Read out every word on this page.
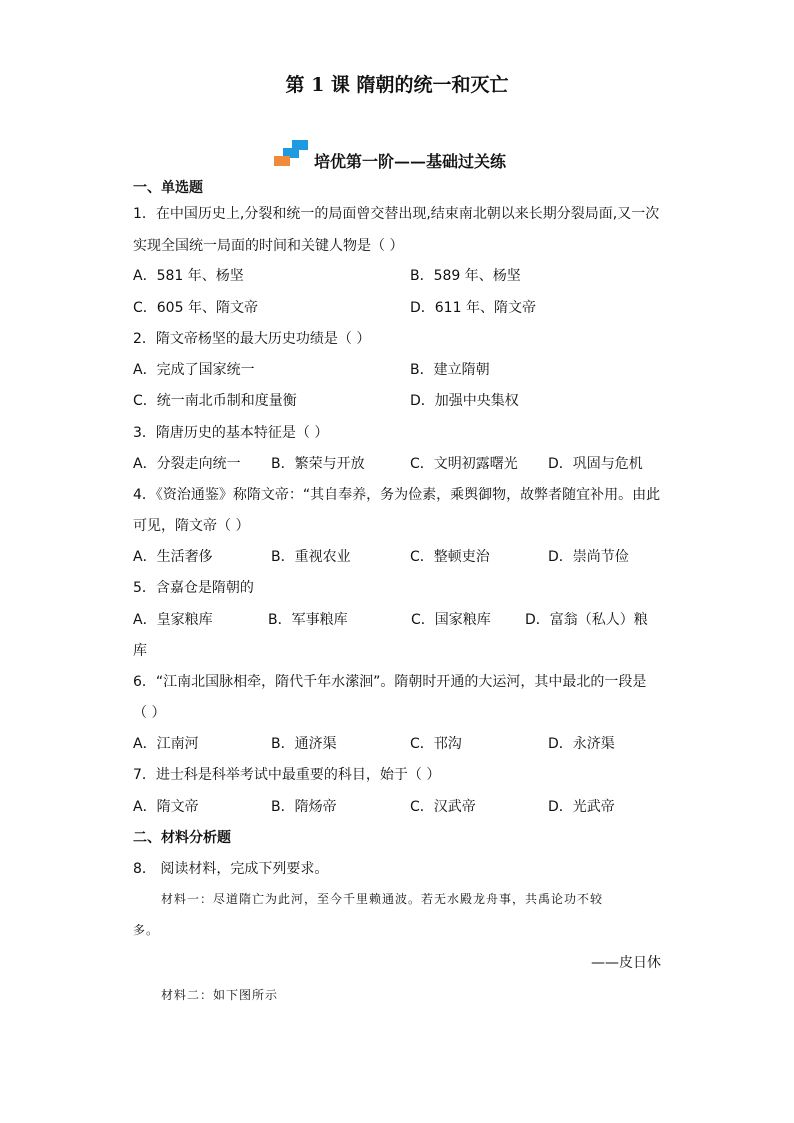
第 1 课 隋朝的统一和灭亡
培优第一阶——基础过关练
一、单选题
1．在中国历史上,分裂和统一的局面曾交替出现,结束南北朝以来长期分裂局面,又一次
实现全国统一局面的时间和关键人物是（ ）
A．581 年、杨坚	B．589 年、杨坚
C．605 年、隋文帝	D．611 年、隋文帝
2．隋文帝杨坚的最大历史功绩是（ ）
A．完成了国家统一	B．建立隋朝
C．统一南北币制和度量衡	D．加强中央集权
3．隋唐历史的基本特征是（ ）
A．分裂走向统一 B．繁荣与开放	C．文明初露曙光 D．巩固与危机
4．《资治通鉴》称隋文帝：“其自奉养，务为俭素，乘舆御物，故弊者随宜补用。由此
可见，隋文帝（ ）
A．生活奢侈	B．重视农业	C．整顿吏治	D．崇尚节俭
5．含嘉仓是隋朝的
A．皇家粮库	B．军事粮库	C．国家粮库 D．富翁（私人）粮
库
6．“江南北国脉相牵，隋代千年水潆洄”。隋朝时开通的大运河，其中最北的一段是
（ ）
A．江南河	B．通济渠	C．邗沟	D．永济渠
7．进士科是科举考试中最重要的科目，始于（ ）
A．隋文帝	B．隋炀帝	C．汉武帝	D．光武帝
二、材料分析题
8． 阅读材料，完成下列要求。
材料一：尽道隋亡为此河，至今千里赖通波。若无水殿龙舟事，共禹论功不较
多。
——皮日休
材料二：如下图所示
